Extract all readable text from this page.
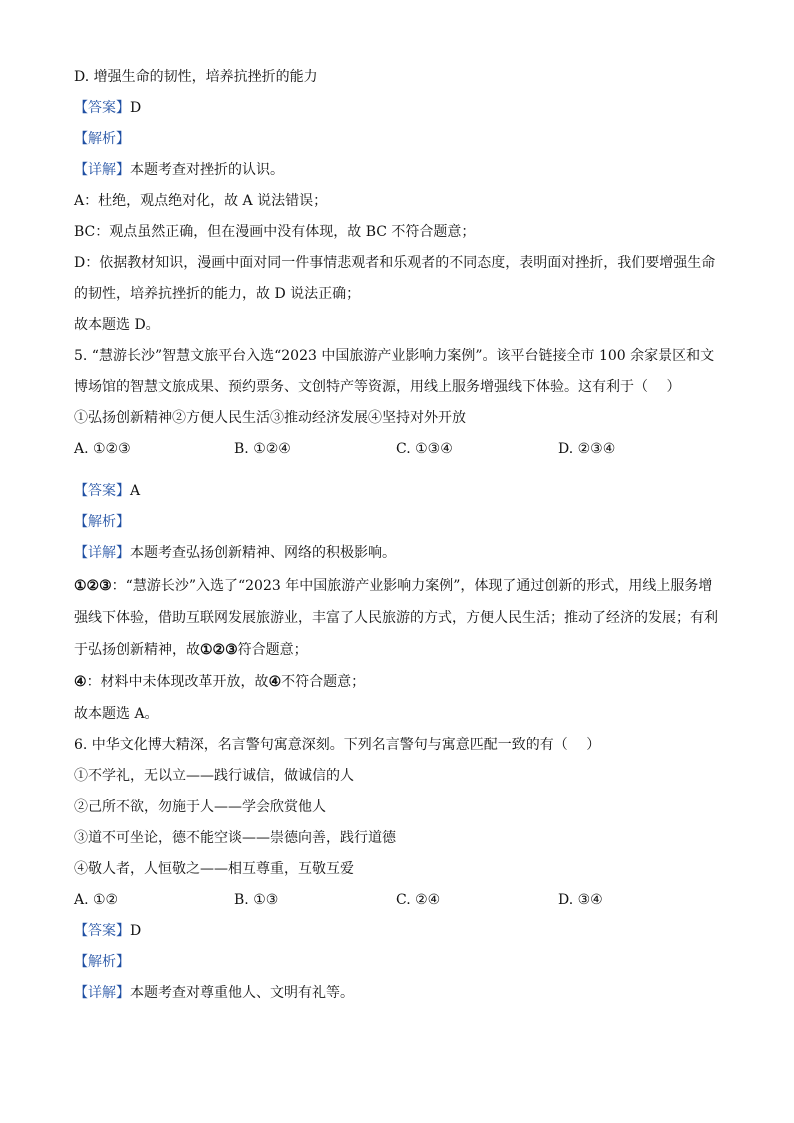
D. 增强生命的韧性，培养抗挫折的能力
【答案】D
【解析】
【详解】本题考查对挫折的认识。
A：杜绝，观点绝对化，故 A 说法错误；
BC：观点虽然正确，但在漫画中没有体现，故 BC 不符合题意；
D：依据教材知识，漫画中面对同一件事情悲观者和乐观者的不同态度，表明面对挫折，我们要增强生命
的韧性，培养抗挫折的能力，故 D 说法正确；
故本题选 D。
5. “慧游长沙”智慧文旅平台入选“2023 中国旅游产业影响力案例”。该平台链接全市 100 余家景区和文
博场馆的智慧文旅成果、预约票务、文创特产等资源，用线上服务增强线下体验。这有利于（　 ）
①弘扬创新精神②方便人民生活③推动经济发展④坚持对外开放
A. ①②③	B. ①②④	C. ①③④	D. ②③④
【答案】A
【解析】
【详解】本题考查弘扬创新精神、网络的积极影响。
①②③：“慧游长沙”入选了“2023 年中国旅游产业影响力案例”，体现了通过创新的形式，用线上服务增
强线下体验，借助互联网发展旅游业，丰富了人民旅游的方式，方便人民生活；推动了经济的发展；有利
于弘扬创新精神，故①②③符合题意；
④：材料中未体现改革开放，故④不符合题意；
故本题选 A。
6. 中华文化博大精深，名言警句寓意深刻。下列名言警句与寓意匹配一致的有（　 ）
①不学礼，无以立——践行诚信，做诚信的人
②己所不欲，勿施于人——学会欣赏他人
③道不可坐论，德不能空谈——崇德向善，践行道德
④敬人者，人恒敬之——相互尊重，互敬互爱
A. ①②	B. ①③	C. ②④	D. ③④
【答案】D
【解析】
【详解】本题考查对尊重他人、文明有礼等。
